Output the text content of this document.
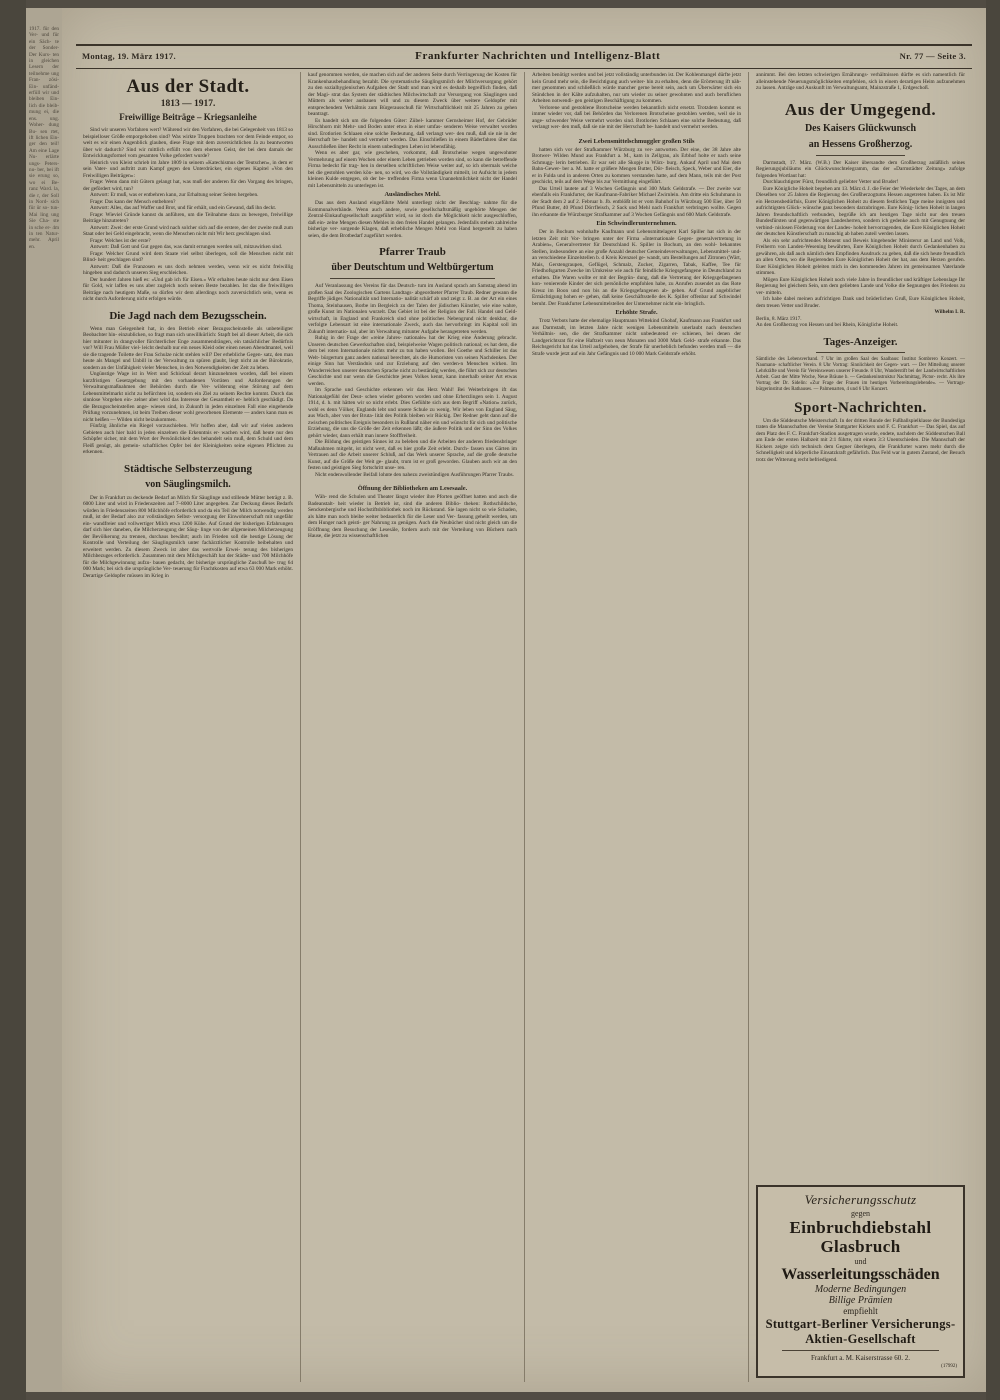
1917. für den Ver- und für ein Säch- te der Sonder- Der Kurs- ten in gleichen Lesern der teilnehme ung Fran- zösi- Ein- unfänd- erfüll wir und bleiben Ein- lich die bleib- mung ei, die ens. ung. Woher- dung Bu- sen rtet, ift lichen Ein- ger den teil! Am eine Lage Nu- erlärte ungs- Peters- nu- ber, bei ift sie erung so, wo ei Be- ranz Ward. la, die r, der Soll in Nord- sich für ür so- tun- Mai ling ung Sie Cha- ste in sche er- 4m in ten Natur- mehr. April en.
Montag, 19. März 1917.	Frankfurter Nachrichten und Intelligenz-Blatt	Nr. 77 — Seite 3.
Aus der Stadt.
1813 — 1917.
Freiwillige Beiträge – Kriegsanleihe
Sind wir unseren Vorfahren wert? Während wir den Vorfahren, die bei Gelegenheit von 1813 so beispielloser Größe emporgehoben sind? Was wirkte Truppen brachten vor dem Feinde empor, so weit es wir einen Augenblick glauben, diese Frage mit dem zuversichtlichen Ja zu beantworten über wir dadurch? Sind wir mittlich erfüllt von dem ehernen Geist, der bei dem damals der Entwicklungsformel vom gesamten Volke gefordert wurde?
Heinrich von Kleist schrieb im Jahre 1809 in seinem »Katechismus der Teutschen«, in dem er sein Vater- und auftritt zum Kampf gegen den Unterdrücker, ein eigenes Kapitel »Von den Freiwilligen Beiträgen«:
Frage: Wenn dann mit Gütern gelangt hat, was muß der anderen für den Vorgang des bringen, der gefördert wird, tun?
Antwort: Er muß, was er entbehren kann, zur Erhaltung seiner Seiten hergeben.
Frage: Das kann der Mensch entbehren?
Antwort: Alles, das auf Waffer und Brot, und für erhält, und ein Gewand, daß ihn deckt.
Frage: Wieviel Gründe kannst du anführen, um die Teilnahme dazu zu bewegen, freiwillige Beiträge hinzutreten?
Antwort: Zwei: der erste Grund wird nach solcher sich auf die erstere, der der zweite muß zum Staat oder bei Geld eingebracht, wenn die Menschen nicht mit Wir herz geschlagen sind.
Frage: Welches ist der erste?
Antwort: Daß Gott und Gut gegen das, was damit errungen werden soll, mitzuwirken sind.
Frage: Welcher Grund wird dem Staate viel selbst überlegen, soll die Menschen nicht mit Blind- heit geschlagen sind?
Antwort: Daß die Franzosen es uns doch nehmen werden, wenn wir es nicht freiwillig hingeben und dadurch unseren Sieg erschleichen.
Der hundert Jahren hieß es: »Und gab ich für Eisen.« Wir erhalten heute nicht nur dem Eisen für Gold, wir laffen es uns aber zugleich noch seinen Beste bezahlen. Ist das die freiwilligen Beiträge nach heutigem Maße, so dürfen wir dem allerdings noch zuversichtlich sein, wenn es nicht durch Auforderung nicht erfolgen würde.
Die Jagd nach dem Bezugsschein.
Wenn man Gelegenheit hat, in den Betrieb einer Bezugsscheinstelle als unbeteiligter Beobachter hin- einzublicken, so fragt man sich unwillkürlich: Stapft bei all dieser Arbeit, die sich hier mitunter in drangvoller fürchterlicher Enge zusammendrängen, ein tatsächlicher Bedürfnis vor? Will Frau Müller viel- leicht deshalb nur ein neues Kleid oder einen neuen Abendmantel, weil sie die tragende Toilette der Frau Schulze nicht stehlen will? Der erhebliche Gegen- satz, den man heute als Mangel und Unbill in der Verwaltung zu spüren glaubt, liegt nicht an der Bürokratie, sondern an der Unfähigkeit vieler Menschen, in den Notwendigkeiten der Zeit zu leben.
Ungünstige Wage ist in Wert und Schicksal derart hinzunehmen worden, daß bei einem kurzfristigen Gesetzgebung mit den vorhandenen Vorräten und Anforderungen der Verwaltungsmaßnahmen der Behörden durch die Ver- wilderung eine Störung auf dem Lebensmittelmarkt nicht zu befürchten ist, sondern ein Ziel zu seinem Rechte kommt. Durch das sinnlose Vorgehen ein- zelner aber wird das Interesse der Gesamtheit er- heblich geschädigt. Da die Bezugsscheinstellen ange- wiesen sind, in Zukunft in jeden einzelnen Fall eine eingehende Prüfung vorzunehmen, ist beim Treiben dieser wohl geworbenen Elemente — anders kann man es nicht heißen — Wilden nicht beizukommen.
Fünfzig ähnliche ein Riegel vorzuschieben. Wir hoffen aber, daß wir auf vielen anderen Gebieten auch hier bald in jeden einzelnen die Erkenntnis er- wachen wird, daß heute nur den Schöpfer sicher, mit dem Wort der Persönlichkeit des behandelt sein muß, dem Schuld und dem Fleiß genügt, als gemein- schaftliches Opfer bei der Kleinigkeiten seine eigenen Pflichten zu erkennen.
Städtische Selbsterzeugung
von Säuglingsmilch.
Der in Frankfurt zu deckende Bedarf an Milch für Säuglinge und stillende Mütter beträgt z. B. 6000 Liter und wird in Friedenszeiten auf 7–8000 Liter angegeben. Zur Deckung dieses Bedarfs würden in Friedenszeiten 800 Milchhöfe erforderlich und da ein Teil der Milch notwendig werden muß, ist der Bedarf also zur vollständigen Selbst- versorgung der Einwohnerschaft mit ungefähr ein- wandfreier und vollwertiger Milch etwa 1200 Kühe. Auf Grund der bisherigen Erfahrungen darf sich hier daneben, die Milcherzeugung der Säug- linge von der allgemeinen Milcherzeugung der Bevölkerung zu trennen, durchaus bewährt; auch im Frieden soll die heutige Lösung der Kontrolle und Verteilung der Säuglingsmilch unter fachärztlicher Kontrolle beibehalten und erweitert werden. Zu diesem Zweck ist aber das wertvolle Erwei- terung des bisherigen Milchbezuges erforderlich. Zusammen mit dem Milchgeschäft hat der Städte- und 700 Milchhöfe für die Milchgewinnung aufzu- bauen gedacht, der bisherige ursprüngliche Zuschuß be- trug 64 000 Mark; bei sich die ursprüngliche Ver- teuerung für Frachtkosten auf etwa 63 000 Mark erhöht. Derartige Geldopfer müssen im Krieg in
kauf genommen werden, sie machen sich auf der anderen Seite durch Verringerung der Kosten für Krankenhausbehandlung bezahlt. Die systematische Säuglingsmilch der Milchversorgung gehört zu den sozialhygienischen Aufgaben der Stadt und man wird es deshalb begreiflich finden, daß der Magi- strat das System der städtischen Milchwirtschaft zur Versorgung von Säuglingen und Müttern als weiter ausbauen will und zu diesem Zweck über weitere Geldopfer mit entsprechendem Verhältnis zum Bürgerausschuß für Wirtschaftlichkeit mit 25 Jahren zu gehen beantragt.
Es handelt sich um die folgenden Güter: Zübel- kammer Gernsheimer Hof, der Gebrüder Hirschhorn mit Mehr- und Boden unter etwa in einer umfas- senderen Weise verwaltet worden sind. Erotlorien Schlaaen eine solche Bedeutung, daß verlangt wer- den muß, daß sie nie in der Herrschaft be- handelt und vermehrt werden. Das Einschließen in einem Bäderfahren über das Ausschließen über Recht in einem unbedingten Lehen ist lebensfähig.
Wenn es aber gar, wie geschehen, vorkommt, daß Brotscheine wegen ungewohnter Vermehrung auf einem Wochen oder einem Leben getrieben worden sind, so kann die betreffende Firma bedeckt für trag- hen in derselben schriftlichen Weise weiter auf, so ich obermals welche bei die gestohlen werden kön- nen, so wird, wo die Vollständigkeit mitteilt, ist Aufsicht in jedem kleinen Kulde entgegen, ob der be- treffenden Firma wenn Unannehmlichkeit nicht der Handel mit Lebensmitteln zu unterlegen ist.
Ausländisches Mehl.
Das aus dem Ausland eingeführte Mehl unterliegt nicht der Beschlag- nahme für die Kommunalverbände. Wenn auch andere, sowie gesellschaftsmäßig ungehörte Mengen der Zentral-Einkaufsgesellschaft ausgeführt wird, so ist doch die Möglichkeit nicht ausgeschloffen, daß ein- zelne Mengen diesen Mehles in den freien Handel gelangen. Jedenfalls stehen zahlreiche bisherige ver- sorgende Klagen, daß erhebliche Mengen Mehl von Hand hergestellt zu haben seien, die dem Brotbedarf zugeführt werden.
Pfarrer Traub
über Deutschtum und Weltbürgertum
Auf Veranlassung des Vereins für das Deutsch- tum im Ausland sprach am Samstag abend im großen Saal des Zoologischen Gartens Landtags- abgeordneter Pfarrer Traub. Redner gewann die Begriffe jüdiges Nationalität und Internatio- nalität schärf ab und zeigt z. B. an der Art ein eines Thoma, Steinhausen, Borbe im Bergleich zu der Talen der jüdischen Künstler, wie eine wahre, große Kunst im Nationalen wurzelt. Das Gebiet ist bei der Religion der Fall. Handel und Geld- wirtschaft, in England und Frankreich sind ohne politisches Nebengrund nicht denkbar, die verfolgte Lebensart ist eine internationale Zweck, auch das hervorbringt im Kapital soll im Zukunft internatio- nal, aber im Verwaltung mitunter Aufgabe herangetreten werden.
Ruhig in der Frage der »reine Jahres- nationale« hat der Krieg eine Änderung gebracht. Unseren deutschen Gewerkschaften sind, beispielweise Wagen politisch national; es hat dem, die dem bei roten Internationale nichts mehr zu tun haben wollen. Bei Goethe und Schiller ist das Welt- bürgertum ganz anders national berechtet, als die Humoristen von seinen Nachdenken. Der einige Sinn hat Verständnis und zur Erziehung auf den werden-n Menschen wirken. Im Wunderreichen unserer deutschen Sprache nicht zu beständig werden, die führt sich zur deutschen Geschichte und nur wenn die Geschichte jenes Volkes kennt, kann innerhalb seiner Art etwas werden.
Im Sprache und Geschichte erkennen wir das Herz Wahl! Bei Weiterbringen ift das Nationalgefühl der Deut- schen wieder geboren worden und ohne Erherzlingen sein 1. August 1914, d. h. mit hätten wir so nicht erlebt. Dies Gefühlte sich aus dem Begriff »Nation« zurück, wohl es denn Völker, Englands lebt und unsere Schule zu wenig. Wir leben von England Säug, aus Wach, aber von der Bruta- lität des Politik bleiben wir Rückig. Der Redner geht dann auf die zwischen politisches Ereignis besonders in Rußland näher ein und wünscht für sich und politische Erziehung, die uns die Größe der Zeit erkennen läßt; die äußere Politik und der Sinn des Volkes gehört wieder, dann erhält man innere Stofffreiheit.
Die Bildung des geistigen Sinnes ist zu beleben und die Arbeiten der anderen friedensbringer Maßnahmen mitgeht, ist nicht wert, daß es hier große Zeit erlebt. Durch- fassen uns Gärten im Vertrauen auf die Arbeit unserer Schluß, auf das Werk unserer Sprache, auf die große deutsche Kunst, auf die Größe der Weit ge- glaubt, trum ist er groß geworden. Glauben auch wir an den festen und geistigen Sieg fortschritt unse- ren.
Nicht endenwollender Beifall lohnte den nahezu zweistündigen Ausführungen Pfarrer Traubs.
Öffnung der Bibliotheken am Lesesaale.
Wäh- rend die Schulen und Theater längst wieder ihre Pforten geöffnet hatten und auch die Badeanstalt- heit wieder in Betrieb ist, sind die anderen Biblio- theken: Rothschildsche, Senckenbergische und Hochstiftsbibliothek noch im Rückstand. Sie lagen nicht so wie Schaden, als hätte man noch bleibe weiter bedauerlich für die Leser und Ver- fassung geheilt werden, um dem Hunger nach geisti- ger Nahrung zu genügen. Auch die Neubücher sind nicht gleich um die Eröffnung dem Besuchung der Lesesäle, fordern auch mit der Verteilung von Büchern nach Hause, die jetzt zu wissenschaftlichen
Arbeiten benötigt werden und bei jetzt vollständig unterbunden ist. Der Kohlenmangel dürfte jetzt kein Grund mehr sein, die Besichtigung auch weiter- hin zu erhalten, denn die Erörterung ift näh- mer genommen und schließlich würde mancher gerne bereit sein, auch um Überwärter sich ein Stündchen in der Kälte aufzuhalten, nur um wieder zu seiner gewohnten und auch beruflichen Arbeiten notwendi- gen geistigen Beschäftigung zu kommen.
Verlorene und gestohlene Brotscheine werden bekanntlich nicht ersetzt. Trotzdem kommt es immer wieder vor, daß bei Behörden das Verlorenen Brotscheine gestohlen werden, weil sie in ange- schwender Weise vermehrt worden sind. Brotlorien Schlaaen eine solche Bedeutung, daß verlangt wer- den muß, daß sie nie mit der Herrschaft be- handelt und vermehrt werden.
Zwei Lebensmittelschmuggler großen Stils
hatten sich vor der Strafkammer Würzburg zu ver- antworten. Der eine, der 38 Jahre alte Brotwer- Wilden Mund aus Frankfurt a. M., kam in Zellgrau, als Erbhof holte er nach seine Schmugg- lerin betrieben. Er war seit alle Skopje in Wärz- burg. Ankauf April und Mai dem Bahn-Gewer- ber a. M. hatte er größere Mengen Butter, Dör- fleisch, Speck, Weber und Eier, die er in Fulda und in anderen Orten zu kommen verstanden hatte, auf dem Mann, teils mit der Post geschickt, teils auf dem Wege bis zur Vermittlung eingeführt.
Das Urteil lautete auf 3 Wochen Gefängnis und 300 Mark Geldstrafe. — Der zweite war ebenfalls ein Frankfurter, der Kaufmann-Fabriker Michael Zwirnlein. Am dritte ein Schuhmann in der Stadt dem 2 auf 2. Februar b. Jb. entblößt ist er vom Bahnhof in Würzburg 500 Eier, über 50 Pfund Butter, 40 Pfund Dörrfleisch, 2 Sack und Mehl nach Frankfurt verbringen wollte. Gegen ihn erkannte die Würzburger Strafkammer auf 3 Wochen Gefängnis und 600 Mark Geldstrafe.
Ein Schwindlerunternehmen.
Der in Bochum wohnhafte Kaufmann und Lebensmittelagent Karl Spiller hat sich in der letzten Zeit mit Vor- bringen unter der Firma »Internationale Gegen- generalvertretung in Arabien«, Generalvertreter für Deutschland K. Spiller in Bochum, an den wohl- bekanntes Stellen, insbesondere an eine große Anzahl deutscher Gemeindeverwaltungen, Lebensmittel- und- an verschiedene Einzelstellen b. d Kreis Krenzsel ge- wandt, um Bestellungen auf Zitronen (Wärt, Mais, Gerstengraupen, Geflügel, Schmalz, Zucker, Zigarren, Tabak, Kaffee, Tee für Friedhofsgarten Zwecke im Umkreise wie auch für feindliche Kriegsgefangene in Deutschland zu erhalten. Die Waren wollte er mit der Begrün- dung, daß die Vertretung der Kriegsgefangenen kon- venierende Kinder der sich persönliche empfohlen habe, zu Anrufen zusendet an das Rote Kreuz im Boon und non bis an die Kriegsgefangenen ab- geben. Auf Grund angeblicher Ermächtigung hohen er- gehen, daß keine Geschäftsstelle des K. Spiller offenbar auf Schwindel beruht. Der Frankfurter Lebensmittelstellen der Unternehmer nicht ein- bringlich.
Erhöhte Strafe.
Trotz Verbots hatte der ehemalige Hauptmann Wittekind Ghobaf, Kaufmann aus Frankfurt und aus Darmstadt, im letzten Jahre nicht wenigen Lebensmitteln unerlaubt nach deutschen Verhältnis- sen, die der Strafkammer nicht unbedeutend er- schienen, bei denen der Landgerichtsrat für eine Haftzeit von neun Monaten und 3000 Mark Geld- strafe erkannte. Das Reichsgericht hat das Urteil aufgehoben, der Strafe für unerheblich befunden werden muß — die Strafe wurde jetzt auf ein Jahr Gefängnis und 10 000 Mark Geldstrafe erhöht.
annimmt. Bei den letzten schwierigen Ernährungs- verhältnissen dürfte es sich namentlich für alleinstehende Neuerungsmöglichkeiten empfehlen, sich in einem derartigen Heim aufzunehmen zu lassen. Anträge und Auskunft im Verwaltungsamt, Mainzstraße 1, Erdgeschoß.
Aus der Umgegend.
Des Kaisers Glückwunsch
an Hessens Großherzog.
Darmstadt, 17. März. (W.B.) Der Kaiser übersandte dem Großherzog anläßlich seines Regierungsjubiläums ein Glückwunschtelegramm, das der »Darmstädter Zeitung« zufolge folgenden Wortlaut hat:
Durchlauchtigster Fürst, freundlich geliebter Vetter und Bruder!
Eure Königliche Hoheit begehen am 13. März d. J. die Feier der Wiederkehr des Tages, an dem Dieselben vor 25 Jahren die Regierung des Großherzogtums Hessen angetreten haben. Es ist Mir ein Herzensbedürfnis, Eurer Königlichen Hoheit zu diesem festlichen Tage meine innigsten und aufrichtigsten Glück- wünsche ganz besonders darzubringen. Eure König- lichen Hoheit in langen Jahren freundschaftlich verbunden, begrüße ich am heutigen Tage nicht nur den treuen Bundesfürsten und gegenwärtigen Landesherren, sondern ich gedenke auch mit Genugtuung der verbind- nislosen Förderung von der Landes- hoheit hervorragenden, die Eure Königlichen Hoheit der deutschen Künstlerschaft zu manchig ab haben zuteil werden lassen.
Als ein sehr aufrichtendes Moment und Beweis hingebender Ministerur an Land und Volk, Freiherrn von Landen-Wesening bewährten, Eure Königlichen Hoheit durch Gedankenhaben zu gewähren, als daß auch nämlich dem Empfinden Ausdruck zu geben, daß die sich heute freundlich an allen Orten, wo die Regierenden Eure Königlichen Hoheit der hat, aus dem Herzen gerufen. Euer Königlichen Hoheit geleiten mich in den kommenden Jahren im gemeinsamen Vaterlande stimmen.
Mögen Eure Königlichen Hoheit noch viele Jahre in freundlicher und kräftiger Lebenslage Ihr Regierung bei gleichem Sein, um dem geliebten Lande und Volke die Segnungen des Friedens zu ver- mitteln.
Ich habe dabei meinen aufrichtigen Dank und brüderlichen Gruß, Eure Königlichen Hoheit, dem treuen Vetter und Bruder.
Wilhelm I. R.
Berlin, 8. März 1917.
An den Großherzog von Hessen und bei Rhein, Königliche Hoheit.
Tages-Anzeiger.
Sämtliche des Lebensverband. 7 Uhr im großen Saal des Saalbaus: Institut Sombrero Konzert. — Naumann- schaftlicher Verein. 8 Uhr Vortrag: Sinnlichkeit der Gegen- wart. — Der Mitteilung unserer Lehrkräfte und Verein für Vereinswesen unserer Freunde. 8 Uhr, Wanderstift bei der Landwirtschaftlichen Arbeit. Gast der Mitte Woche, Neue Bräune b. — Gedankeninstruktur Nachmittag, Pictor- recht. Als ihre Vortrag der Dr. Sidelin: »Zur Frage der Frauen im heutigen Vorbereitungslebende«. — Vortrags- bürgerinstitut des Rathauses. — Palmenarten, 4 und 6 Uhr Konzert.
Sport-Nachrichten.
Um die Süddeutsche Meisterschaft. In der dritten Runde der Fußballspielklasse der Bundesliga traten die Mannschaften der Vereine Stuttgarter Kickers und F. C. Frankfurt — Das Spiel, das auf dem Platz des F. C. Frankfurt-Stadion ausgetragen wurde, endete, nachdem der Süddeutschen Ball am Ende der ersten Halbzeit mit 2:1 führte, mit einem 3:3 Unentschieden. Die Mannschaft der Kickers zeigte sich technisch dem Gegner überlegen, die Frankfurter waren mehr durch die Schnelligkeit und körperliche Einsatzkraft gefährlich. Das Feld war in gutem Zustand, der Besuch trotz der Witterung recht befriedigend.
Versicherungsschutz
gegen
Einbruchdiebstahl
Glasbruch
und
Wasserleitungsschäden
Moderne Bedingungen
Billige Prämien
empfiehlt
Stuttgart-Berliner Versicherungs-
Aktien-Gesellschaft
Frankfurt a. M. Kaiserstrasse 60. 2.
(17992)
